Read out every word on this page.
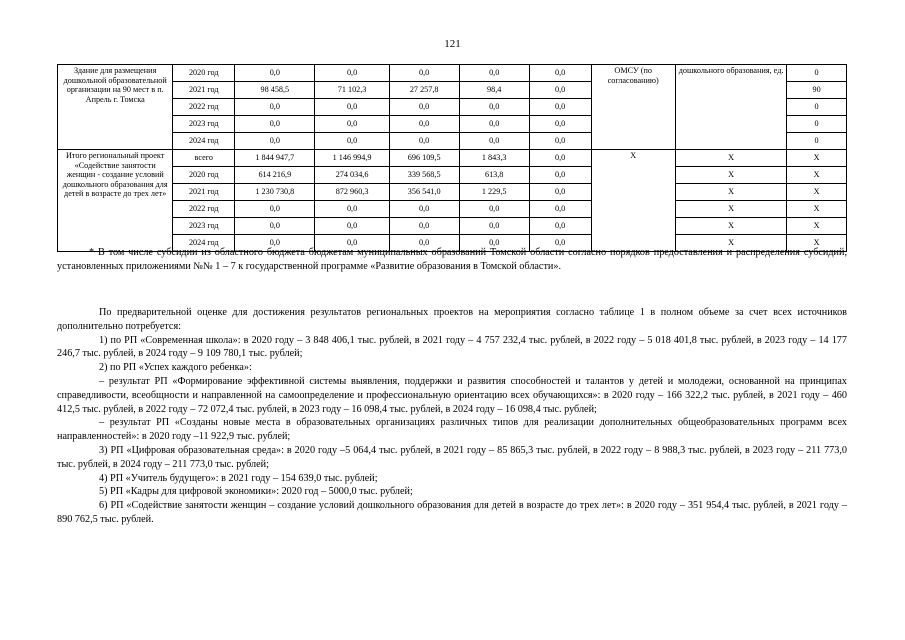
121
Здание для размещения дошкольной образовательной организации на 90 мест в п. Апрель г. Томска	2020 год	0,0	0,0	0,0	0,0	0,0	ОМСУ (по согласованию)	дошкольного образования, ед.	0
	2021 год	98 458,5	71 102,3	27 257,8	98,4	0,0			90
	2022 год	0,0	0,0	0,0	0,0	0,0			0
	2023 год	0,0	0,0	0,0	0,0	0,0			0
	2024 год	0,0	0,0	0,0	0,0	0,0			0
Итого региональный проект «Содействие занятости женщин - создание условий дошкольного образования для детей в возрасте до трех лет»	всего	1 844 947,7	1 146 994,9	696 109,5	1 843,3	0,0	Х	Х	Х
	2020 год	614 216,9	274 034,6	339 568,5	613,8	0,0		Х	Х
	2021 год	1 230 730,8	872 960,3	356 541,0	1 229,5	0,0		Х	Х
	2022 год	0,0	0,0	0,0	0,0	0,0		Х	Х
	2023 год	0,0	0,0	0,0	0,0	0,0		Х	Х
	2024 год	0,0	0,0	0,0	0,0	0,0		Х	Х
* В том числе субсидии из областного бюджета бюджетам муниципальных образований Томской области согласно порядков предоставления и распределения субсидий, установленных приложениями №№ 1 – 7 к государственной программе «Развитие образования в Томской области».

По предварительной оценке для достижения результатов региональных проектов на мероприятия согласно таблице 1 в полном объеме за счет всех источников дополнительно потребуется:

1) по РП «Современная школа»: в 2020 году – 3 848 406,1 тыс. рублей, в 2021 году – 4 757 232,4 тыс. рублей, в 2022 году – 5 018 401,8 тыс. рублей, в 2023 году – 14 177 246,7 тыс. рублей, в 2024 году – 9 109 780,1 тыс. рублей;

2) по РП «Успех каждого ребенка»:

– результат РП «Формирование эффективной системы выявления, поддержки и развития способностей и талантов у детей и молодежи, основанной на принципах справедливости, всеобщности и направленной на самоопределение и профессиональную ориентацию всех обучающихся»: в 2020 году – 166 322,2 тыс. рублей, в 2021 году – 460 412,5 тыс. рублей, в 2022 году – 72 072,4 тыс. рублей, в 2023 году – 16 098,4 тыс. рублей, в 2024 году – 16 098,4 тыс. рублей;

– результат РП «Созданы новые места в образовательных организациях различных типов для реализации дополнительных общеобразовательных программ всех направленностей»: в 2020 году –11 922,9 тыс. рублей;

3) РП «Цифровая образовательная среда»: в 2020 году –5 064,4 тыс. рублей, в 2021 году – 85 865,3 тыс. рублей, в 2022 году – 8 988,3 тыс. рублей, в 2023 году – 211 773,0 тыс. рублей, в 2024 году – 211 773,0 тыс. рублей;

4) РП «Учитель будущего»: в 2021 году – 154 639,0 тыс. рублей;

5) РП «Кадры для цифровой экономики»: 2020 год – 5000,0 тыс. рублей;

6) РП «Содействие занятости женщин – создание условий дошкольного образования для детей в возрасте до трех лет»: в 2020 году – 351 954,4 тыс. рублей, в 2021 году – 890 762,5 тыс. рублей.
